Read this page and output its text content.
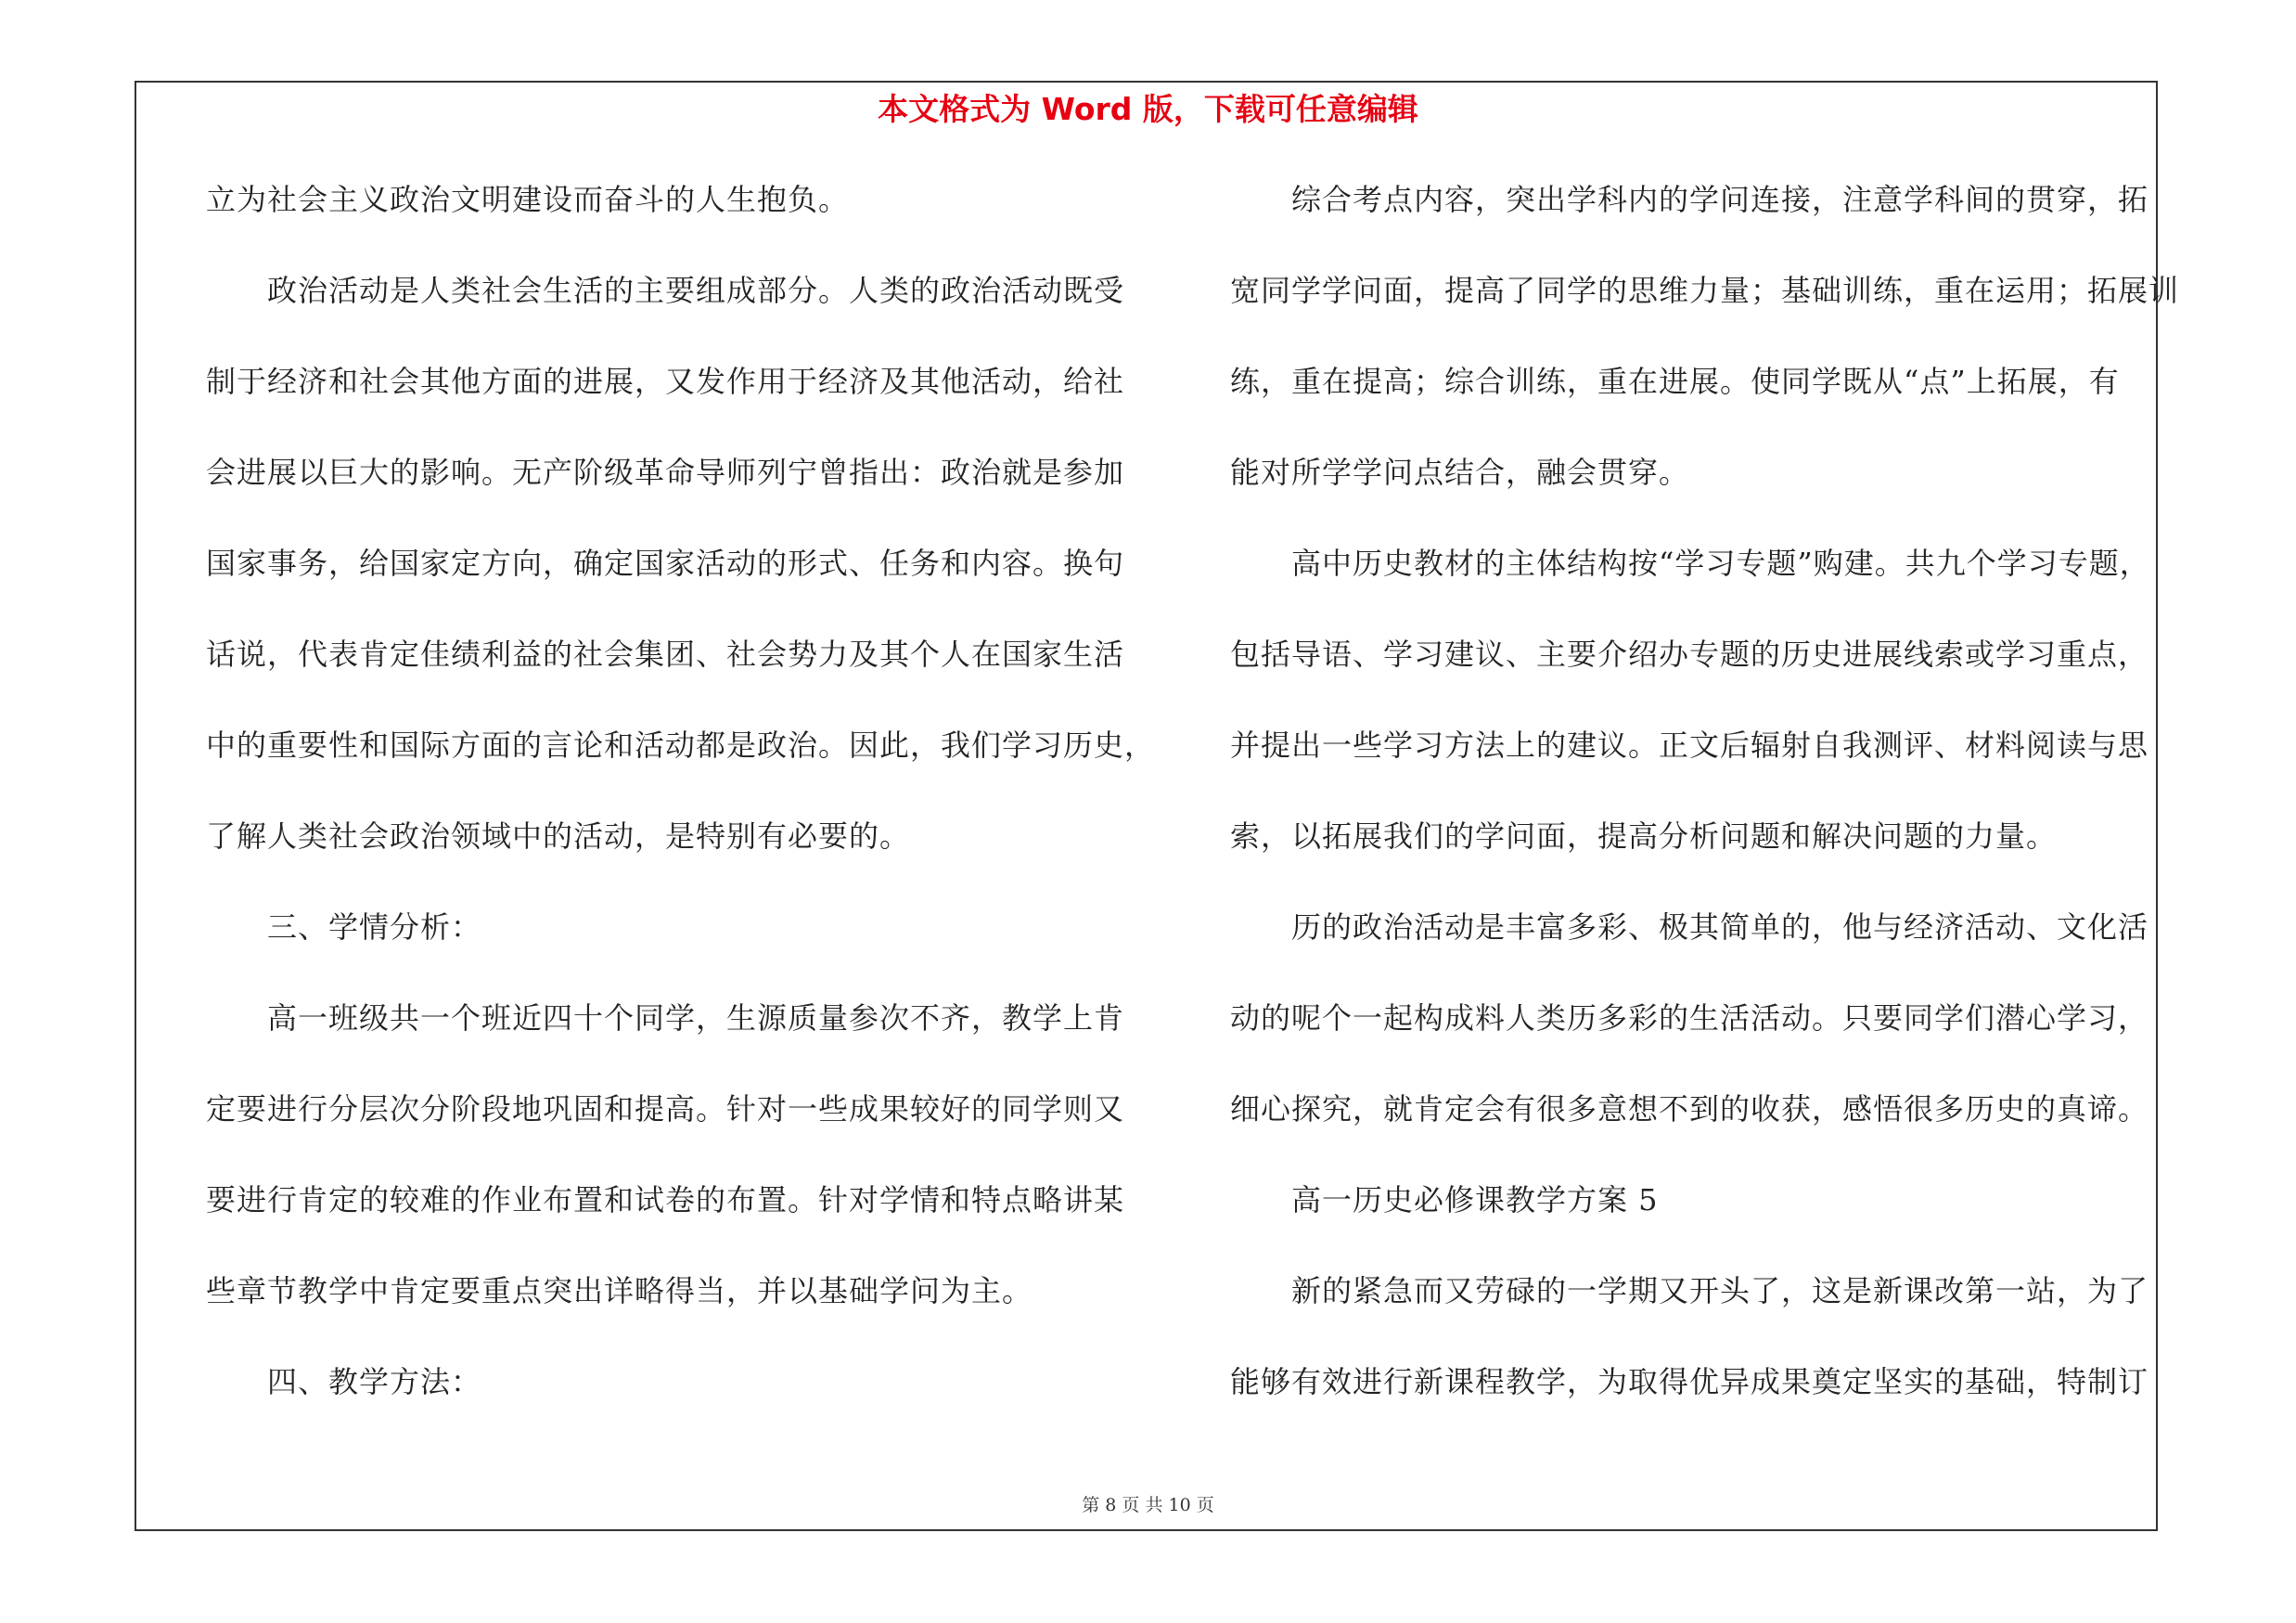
本文格式为 Word 版，下载可任意编辑
立为社会主义政治文明建设而奋斗的人生抱负。
　　政治活动是人类社会生活的主要组成部分。人类的政治活动既受
制于经济和社会其他方面的进展，又发作用于经济及其他活动，给社
会进展以巨大的影响。无产阶级革命导师列宁曾指出：政治就是参加
国家事务，给国家定方向，确定国家活动的形式、任务和内容。换句
话说，代表肯定佳绩利益的社会集团、社会势力及其个人在国家生活
中的重要性和国际方面的言论和活动都是政治。因此，我们学习历史，
了解人类社会政治领域中的活动，是特别有必要的。
　　三、学情分析：
　　高一班级共一个班近四十个同学，生源质量参次不齐，教学上肯
定要进行分层次分阶段地巩固和提高。针对一些成果较好的同学则又
要进行肯定的较难的作业布置和试卷的布置。针对学情和特点略讲某
些章节教学中肯定要重点突出详略得当，并以基础学问为主。
　　四、教学方法：
　　综合考点内容，突出学科内的学问连接，注意学科间的贯穿，拓
宽同学学问面，提高了同学的思维力量；基础训练，重在运用；拓展训
练，重在提高；综合训练，重在进展。使同学既从“点”上拓展，有
能对所学学问点结合，融会贯穿。
　　高中历史教材的主体结构按“学习专题”购建。共九个学习专题，
包括导语、学习建议、主要介绍办专题的历史进展线索或学习重点，
并提出一些学习方法上的建议。正文后辐射自我测评、材料阅读与思
索，以拓展我们的学问面，提高分析问题和解决问题的力量。
　　历的政治活动是丰富多彩、极其简单的，他与经济活动、文化活
动的呢个一起构成料人类历多彩的生活活动。只要同学们潜心学习，
细心探究，就肯定会有很多意想不到的收获，感悟很多历史的真谛。
　　高一历史必修课教学方案 5
　　新的紧急而又劳碌的一学期又开头了，这是新课改第一站，为了
能够有效进行新课程教学，为取得优异成果奠定坚实的基础，特制订
第 8 页 共 10 页
